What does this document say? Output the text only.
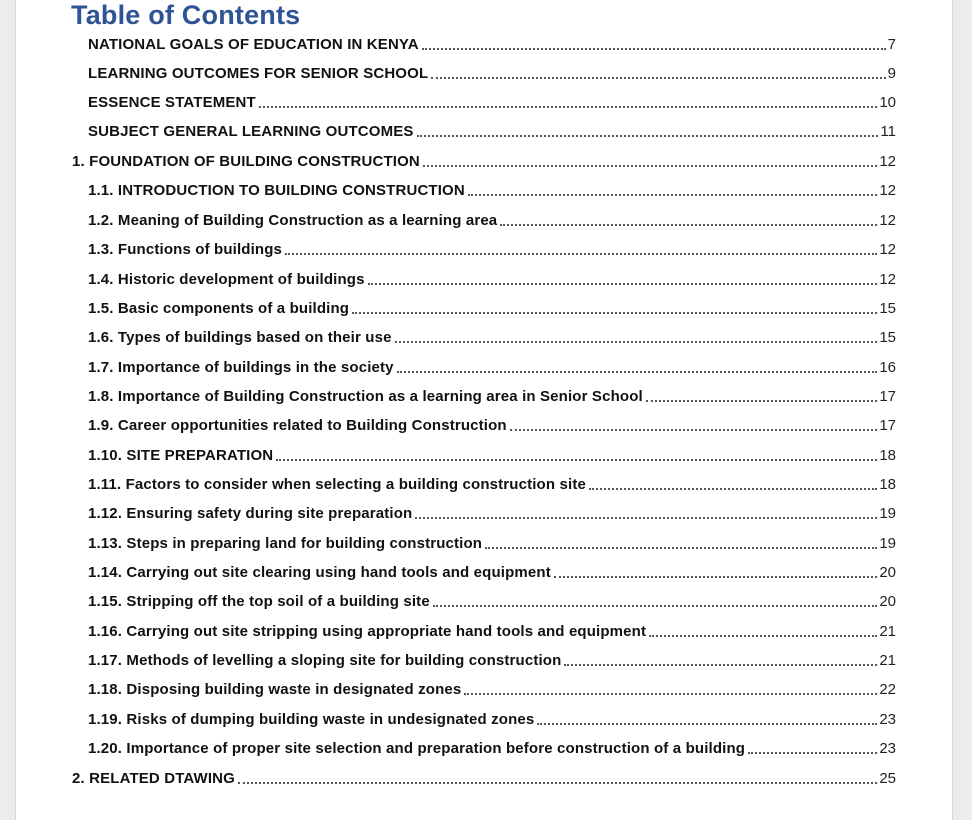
Table of Contents
NATIONAL GOALS OF EDUCATION IN KENYA	7
LEARNING OUTCOMES FOR SENIOR SCHOOL	9
ESSENCE STATEMENT	10
SUBJECT GENERAL LEARNING OUTCOMES	11
1. FOUNDATION OF BUILDING CONSTRUCTION	12
1.1. INTRODUCTION TO BUILDING CONSTRUCTION	12
1.2. Meaning of Building Construction as a learning area	12
1.3. Functions of buildings	12
1.4. Historic development of buildings	12
1.5. Basic components of a building	15
1.6. Types of buildings based on their use	15
1.7. Importance of buildings in the society	16
1.8. Importance of Building Construction as a learning area in Senior School	17
1.9. Career opportunities related to Building Construction	17
1.10. SITE PREPARATION	18
1.11. Factors to consider when selecting a building construction site	18
1.12. Ensuring safety during site preparation	19
1.13. Steps in preparing land for building construction	19
1.14. Carrying out site clearing using hand tools and equipment	20
1.15. Stripping off the top soil of a building site	20
1.16. Carrying out site stripping using appropriate hand tools and equipment	21
1.17. Methods of levelling a sloping site for building construction	21
1.18. Disposing building waste in designated zones	22
1.19. Risks of dumping building waste in undesignated zones	23
1.20. Importance of proper site selection and preparation before construction of a building	23
2. RELATED DTAWING	25
